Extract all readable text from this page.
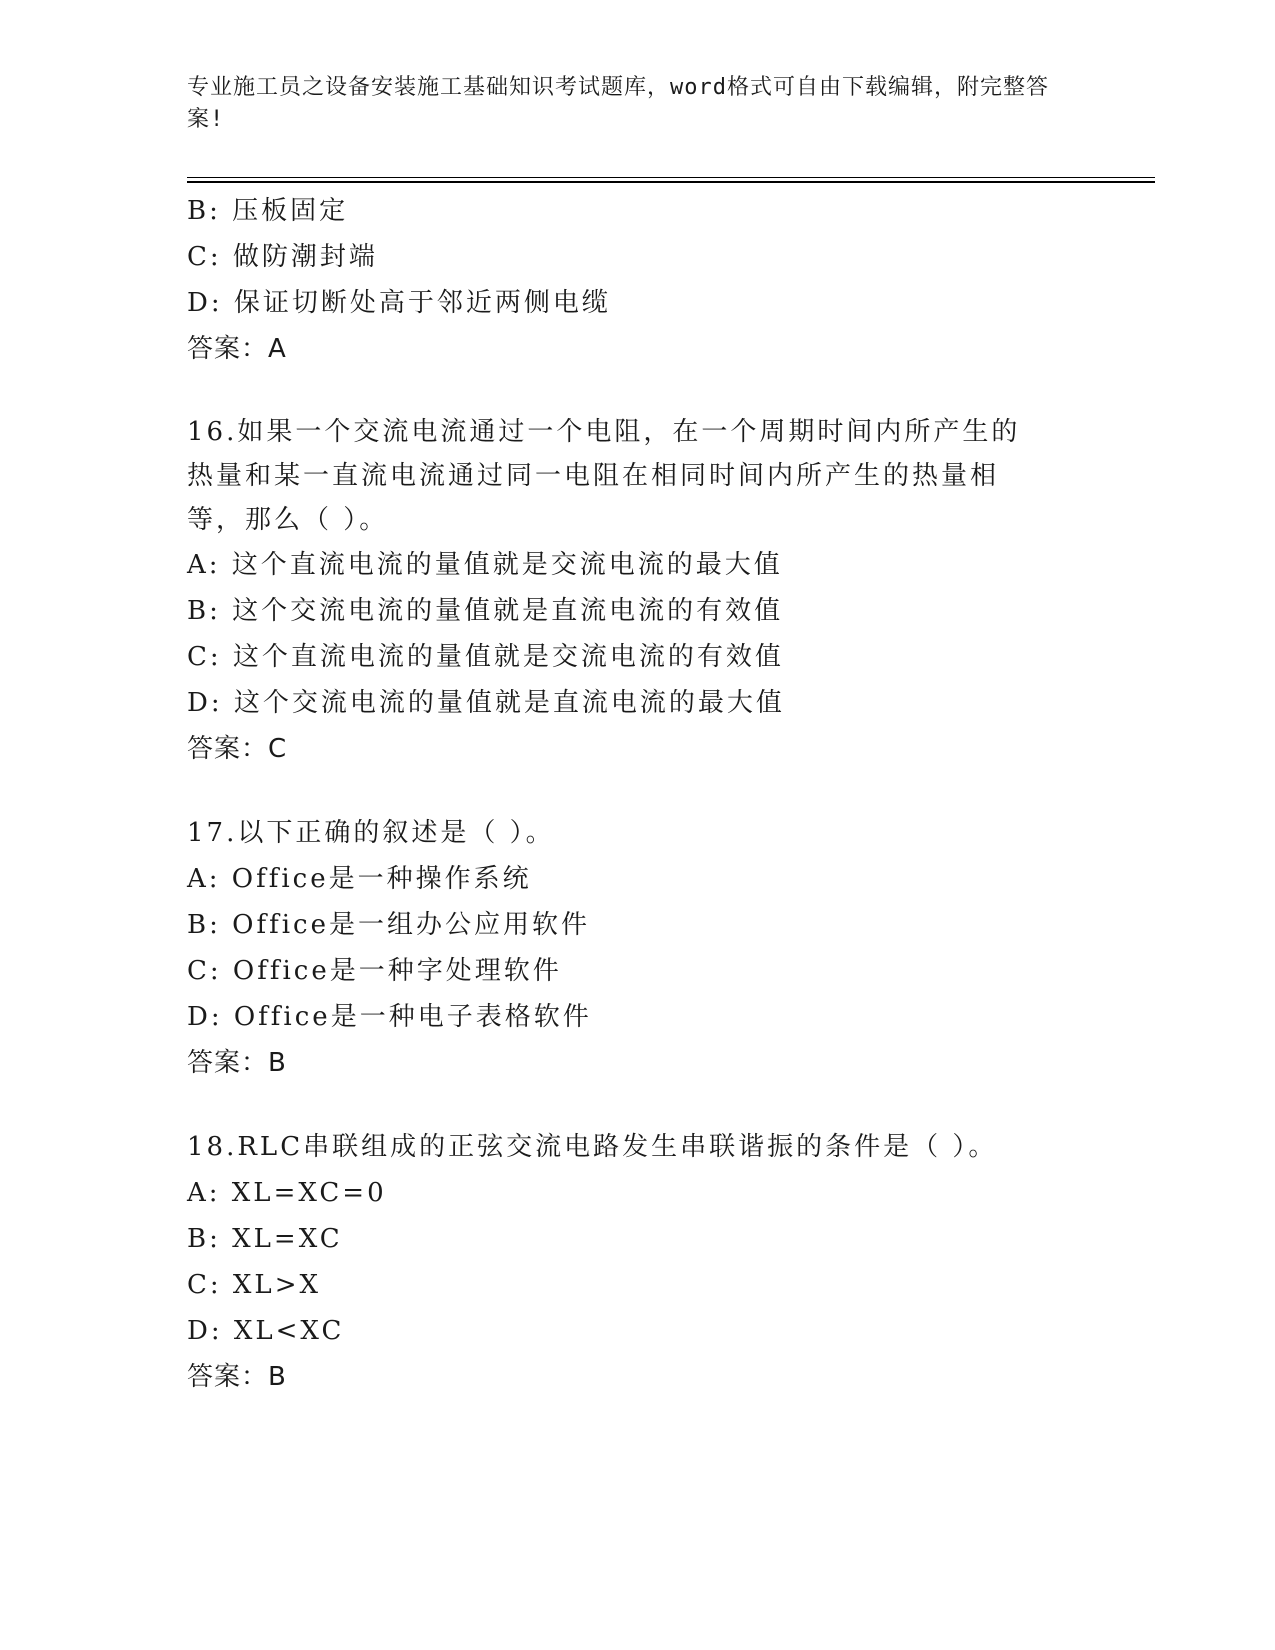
专业施工员之设备安装施工基础知识考试题库，word格式可自由下载编辑，附完整答案!
B: 压板固定
C: 做防潮封端
D: 保证切断处高于邻近两侧电缆
答案：A
16.如果一个交流电流通过一个电阻，在一个周期时间内所产生的热量和某一直流电流通过同一电阻在相同时间内所产生的热量相等，那么（ ）。
A: 这个直流电流的量值就是交流电流的最大值
B: 这个交流电流的量值就是直流电流的有效值
C: 这个直流电流的量值就是交流电流的有效值
D: 这个交流电流的量值就是直流电流的最大值
答案：C
17.以下正确的叙述是（ ）。
A: Office是一种操作系统
B: Office是一组办公应用软件
C: Office是一种字处理软件
D: Office是一种电子表格软件
答案：B
18.RLC串联组成的正弦交流电路发生串联谐振的条件是（ ）。
A: XL=XC=0
B: XL=XC
C: XL>X
D: XL<XC
答案：B
